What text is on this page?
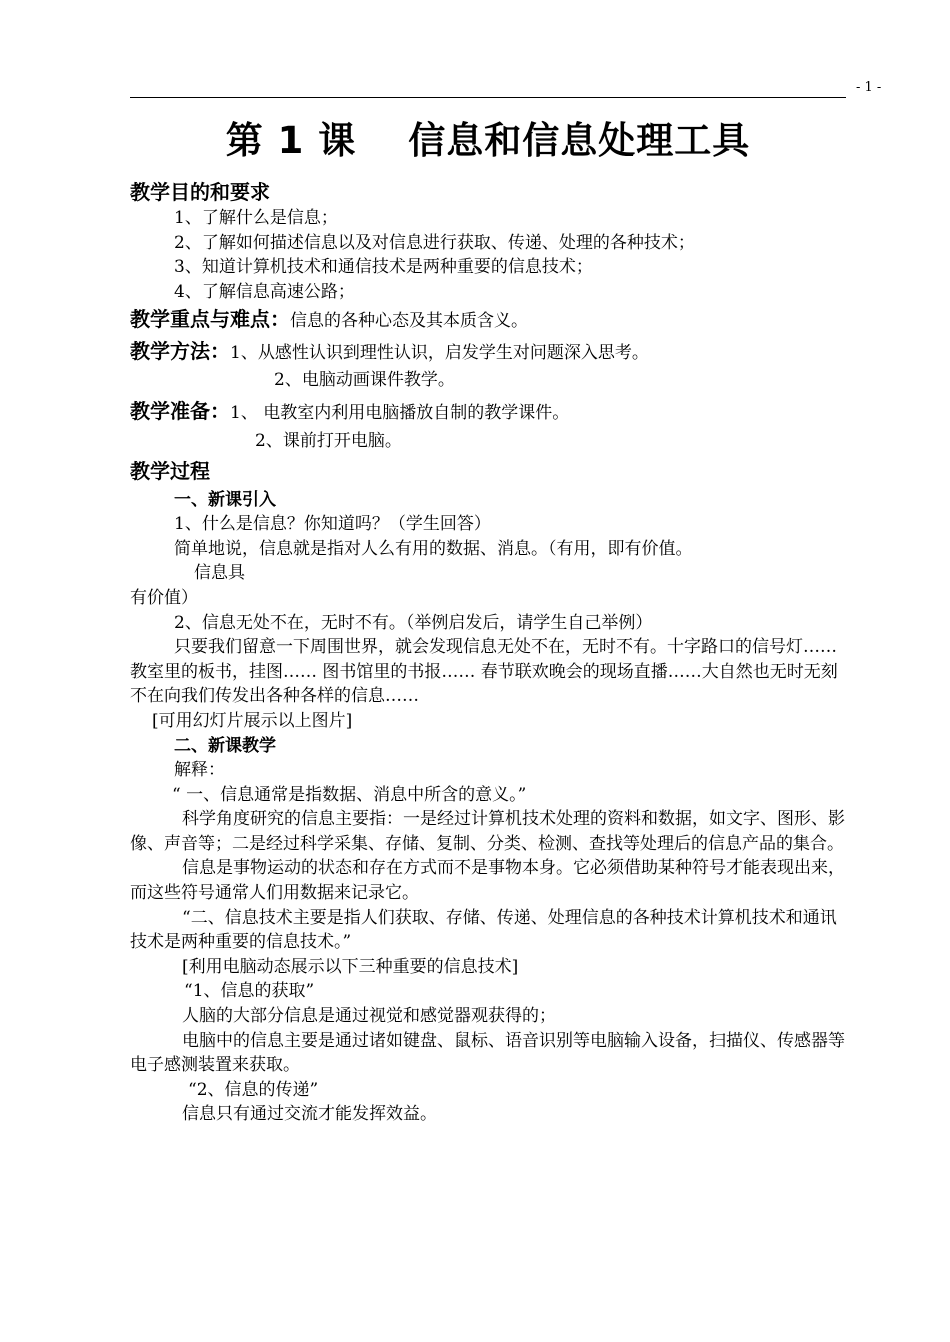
- 1 -
第 1 课 信息和信息处理工具
教学目的和要求
1、了解什么是信息；
2、了解如何描述信息以及对信息进行获取、传递、处理的各种技术；
3、知道计算机技术和通信技术是两种重要的信息技术；
4、了解信息高速公路；
教学重点与难点：信息的各种心态及其本质含义。
教学方法：1、从感性认识到理性认识，启发学生对问题深入思考。
2、电脑动画课件教学。
教学准备：1、 电教室内利用电脑播放自制的教学课件。
2、课前打开电脑。
教学过程
一、新课引入
1、什么是信息？你知道吗？（学生回答）
简单地说，信息就是指对人么有用的数据、消息。（有用，即有价值。
信息具
有价值）
2、信息无处不在，无时不有。（举例启发后，请学生自己举例）
只要我们留意一下周围世界，就会发现信息无处不在，无时不有。十字路口的信号灯…… 教室里的板书，挂图…… 图书馆里的书报…… 春节联欢晚会的现场直播……大自然也无时无刻不在向我们传发出各种各样的信息……
[可用幻灯片展示以上图片]
二、新课教学
解释：
“ 一、信息通常是指数据、消息中所含的意义。”
科学角度研究的信息主要指：一是经过计算机技术处理的资料和数据，如文字、图形、影像、声音等；二是经过科学采集、存储、复制、分类、检测、查找等处理后的信息产品的集合。
信息是事物运动的状态和存在方式而不是事物本身。它必须借助某种符号才能表现出来，而这些符号通常人们用数据来记录它。
“二、信息技术主要是指人们获取、存储、传递、处理信息的各种技术计算机技术和通讯技术是两种重要的信息技术。”
[利用电脑动态展示以下三种重要的信息技术]
“1、信息的获取”
人脑的大部分信息是通过视觉和感觉器观获得的；
电脑中的信息主要是通过诸如键盘、鼠标、语音识别等电脑输入设备，扫描仪、传感器等电子感测装置来获取。
“2、信息的传递”
信息只有通过交流才能发挥效益。
